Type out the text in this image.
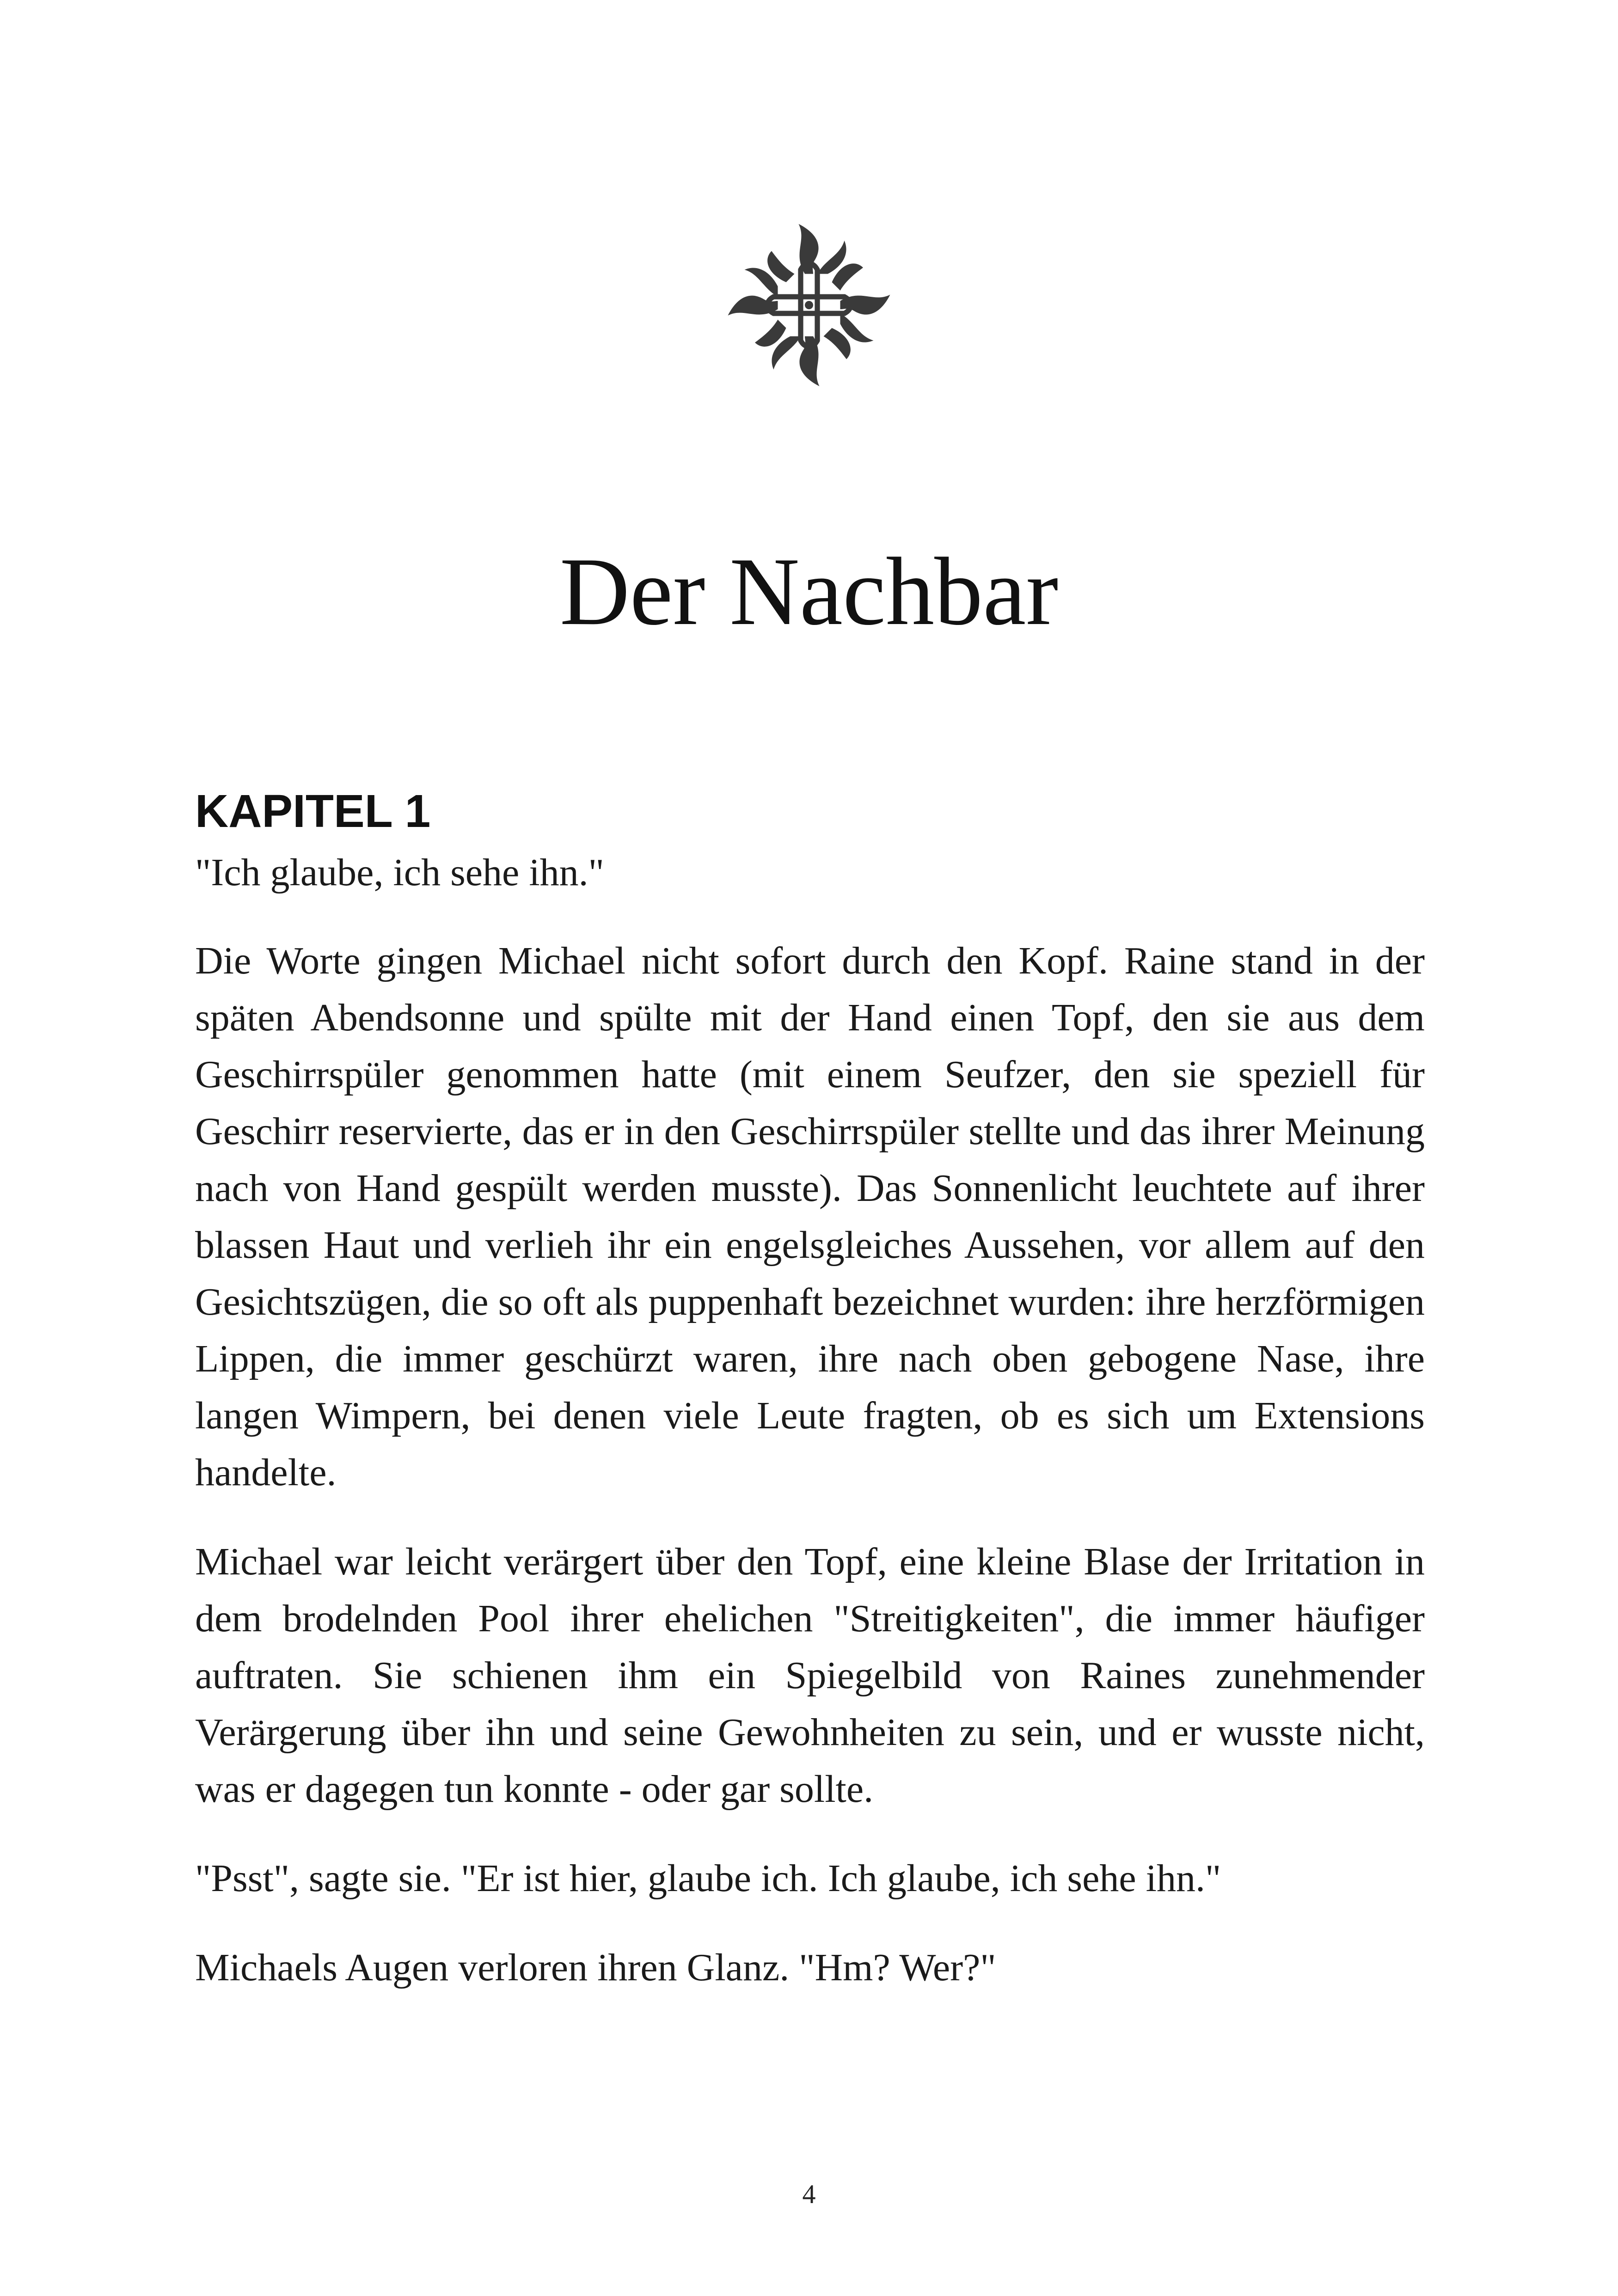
Der Nachbar
KAPITEL 1

"Ich glaube, ich sehe ihn."

Die Worte gingen Michael nicht sofort durch den Kopf. Raine stand in der späten Abendsonne und spülte mit der Hand einen Topf, den sie aus dem Geschirrspüler genommen hatte (mit einem Seufzer, den sie speziell für Geschirr reservierte, das er in den Geschirrspüler stellte und das ihrer Meinung nach von Hand gespült werden musste). Das Sonnenlicht leuchtete auf ihrer blassen Haut und verlieh ihr ein engelsgleiches Aussehen, vor allem auf den Gesichtszügen, die so oft als puppenhaft bezeichnet wurden: ihre herzförmigen Lippen, die immer geschürzt waren, ihre nach oben gebogene Nase, ihre langen Wimpern, bei denen viele Leute fragten, ob es sich um Extensions handelte.

Michael war leicht verärgert über den Topf, eine kleine Blase der Irritation in dem brodelnden Pool ihrer ehelichen "Streitigkeiten", die immer häufiger auftraten. Sie schienen ihm ein Spiegelbild von Raines zunehmender Verärgerung über ihn und seine Gewohnheiten zu sein, und er wusste nicht, was er dagegen tun konnte - oder gar sollte.

"Psst", sagte sie. "Er ist hier, glaube ich. Ich glaube, ich sehe ihn."

Michaels Augen verloren ihren Glanz. "Hm? Wer?"

4
